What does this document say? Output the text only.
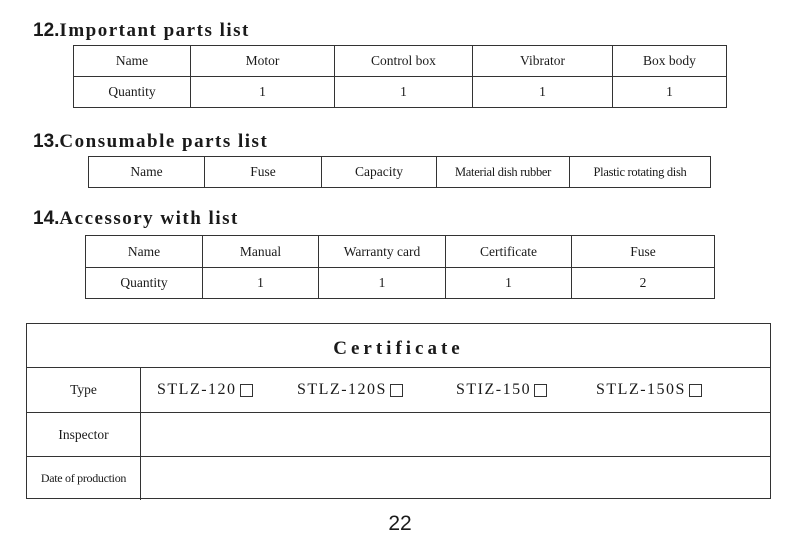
12.Important parts list
Name	Motor	Control box	Vibrator	Box body
Quantity	1	1	1	1
13.Consumable parts list
Name	Fuse	Capacity	Material dish rubber	Plastic rotating dish
14.Accessory with list
Name	Manual	Warranty card	Certificate	Fuse
Quantity	1	1	1	2
Certificate
Type	STLZ-120	STLZ-120S	STIZ-150	STLZ-150S
Inspector
Date of production
22
